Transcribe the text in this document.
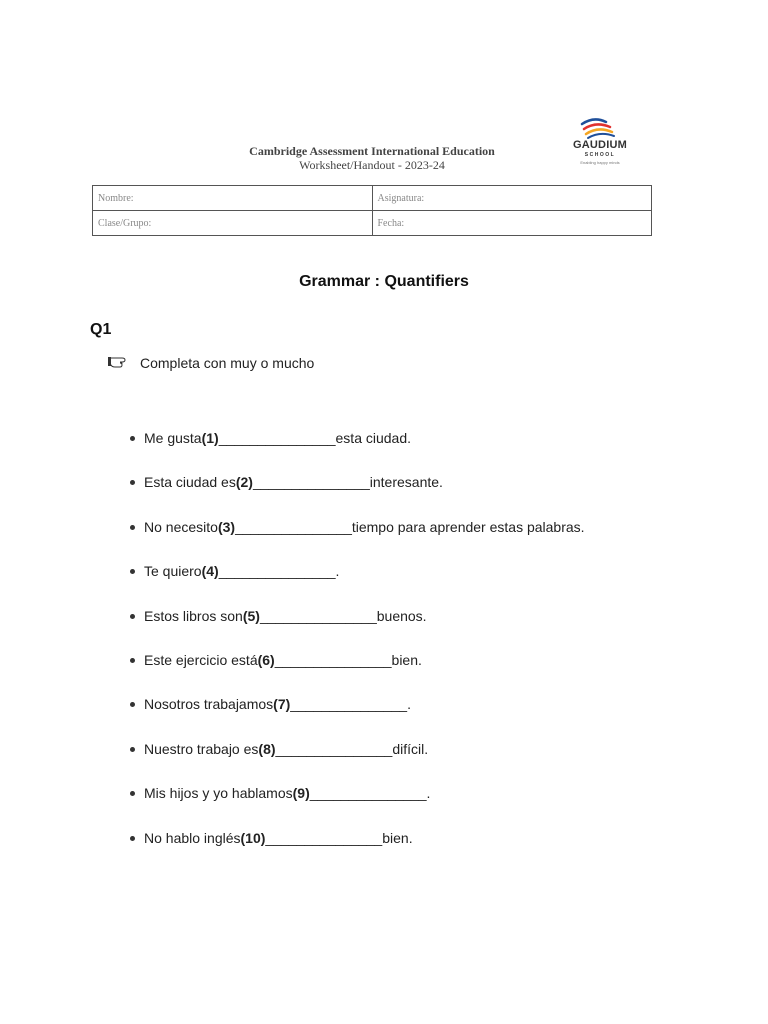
Cambridge Assessment International Education
Worksheet/Handout - 2023-24
GAUDIUM
SCHOOL
Enabling happy minds
Nombre:	Asignatura:
Clase/Grupo:	Fecha:
Grammar : Quantifiers
Q1
Completa con muy o mucho
Me gusta (1) _______________ esta ciudad.
Esta ciudad es (2) _______________ interesante.
No necesito (3) _______________ tiempo para aprender estas palabras.
Te quiero (4) _______________ .
Estos libros son (5) _______________ buenos.
Este ejercicio está (6) _______________ bien.
Nosotros trabajamos (7) _______________ .
Nuestro trabajo es (8) _______________ difícil.
Mis hijos y yo hablamos (9) _______________ .
No hablo inglés (10) _______________ bien.
